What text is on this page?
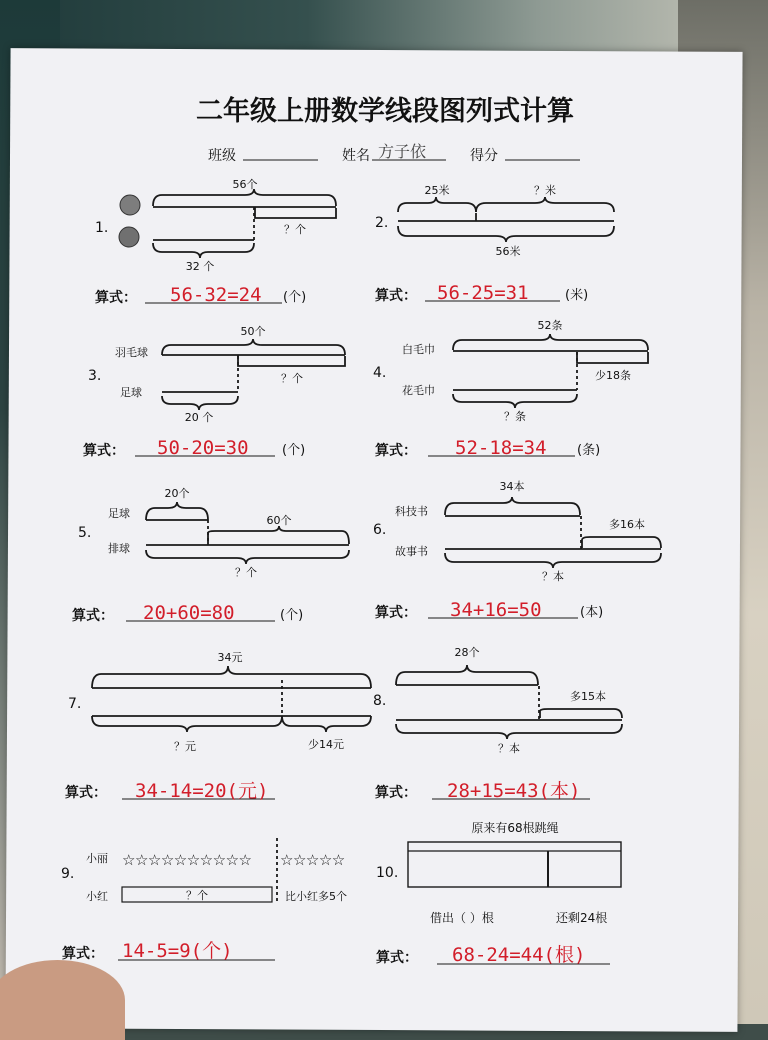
二年级上册数学线段图列式计算
班级	姓名 方子依	得分
1.
56个
？个
32 个
算式： 56-32=24 (个)
2.
25米	？米
56米
算式： 56-25=31	(米)
3.
羽毛球
足球
50个
？个
20 个
算式： 50-20=30	(个)
4.
白毛巾
花毛巾
52条
少18条
？条
算式： 52-18=34 (条)
5.
足球
排球
20个
60个
？个
算式： 20+60=80	(个)
6.
科技书
故事书
34本
多16本
？本
算式： 34+16=50	(本)
7.
34元
？元	少14元
算式： 34-14=20(元)
8.
28个
多15本
？本
算式： 28+15=43(本)
9.
小丽
小红
☆☆☆☆☆☆☆☆☆☆ ☆☆☆☆☆
？个	比小红多5个
算式： 14-5=9(个)
10.
原来有68根跳绳
借出（ ）根	还剩24根
算式： 68-24=44(根)
